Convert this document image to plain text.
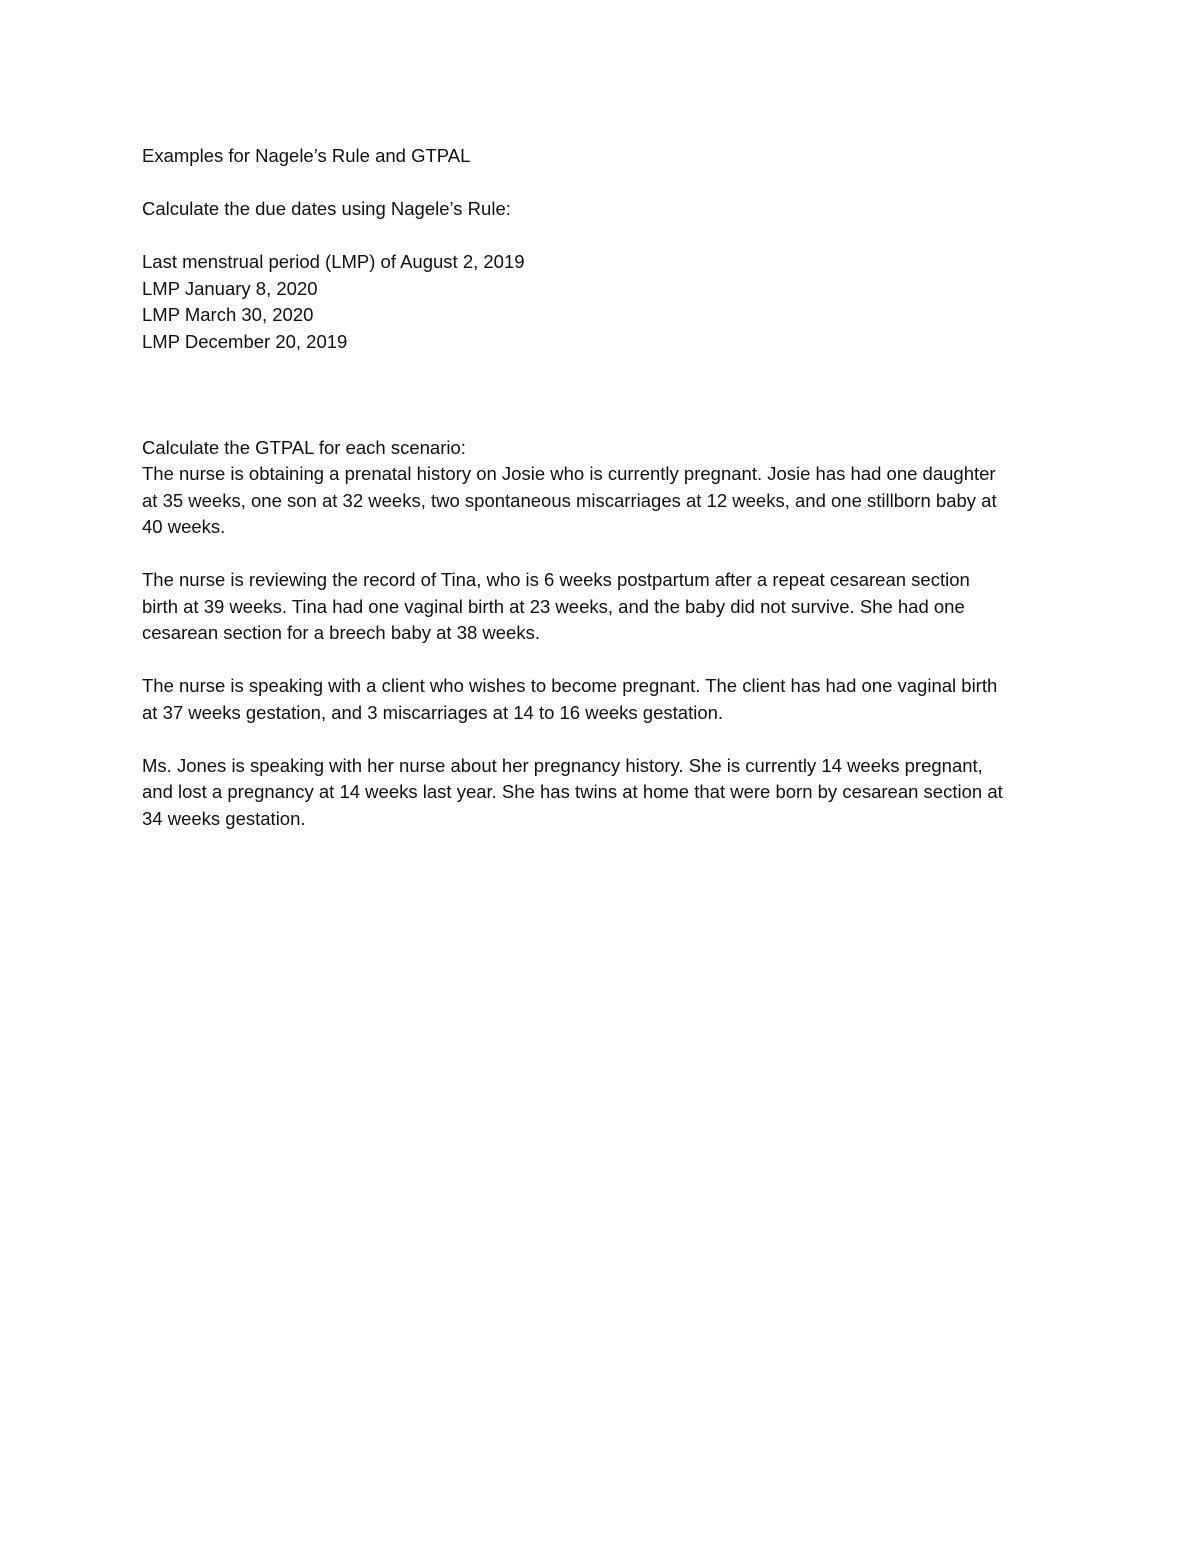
Examples for Nagele’s Rule and GTPAL

Calculate the due dates using Nagele’s Rule:

Last menstrual period (LMP) of August 2, 2019
LMP January 8, 2020
LMP March 30, 2020
LMP December 20, 2019

Calculate the GTPAL for each scenario:

The nurse is obtaining a prenatal history on Josie who is currently pregnant. Josie has had one daughter
at 35 weeks, one son at 32 weeks, two spontaneous miscarriages at 12 weeks, and one stillborn baby at
40 weeks.
The nurse is reviewing the record of Tina, who is 6 weeks postpartum after a repeat cesarean section
birth at 39 weeks. Tina had one vaginal birth at 23 weeks, and the baby did not survive. She had one
cesarean section for a breech baby at 38 weeks.
The nurse is speaking with a client who wishes to become pregnant. The client has had one vaginal birth
at 37 weeks gestation, and 3 miscarriages at 14 to 16 weeks gestation.
Ms. Jones is speaking with her nurse about her pregnancy history. She is currently 14 weeks pregnant,
and lost a pregnancy at 14 weeks last year. She has twins at home that were born by cesarean section at
34 weeks gestation.
